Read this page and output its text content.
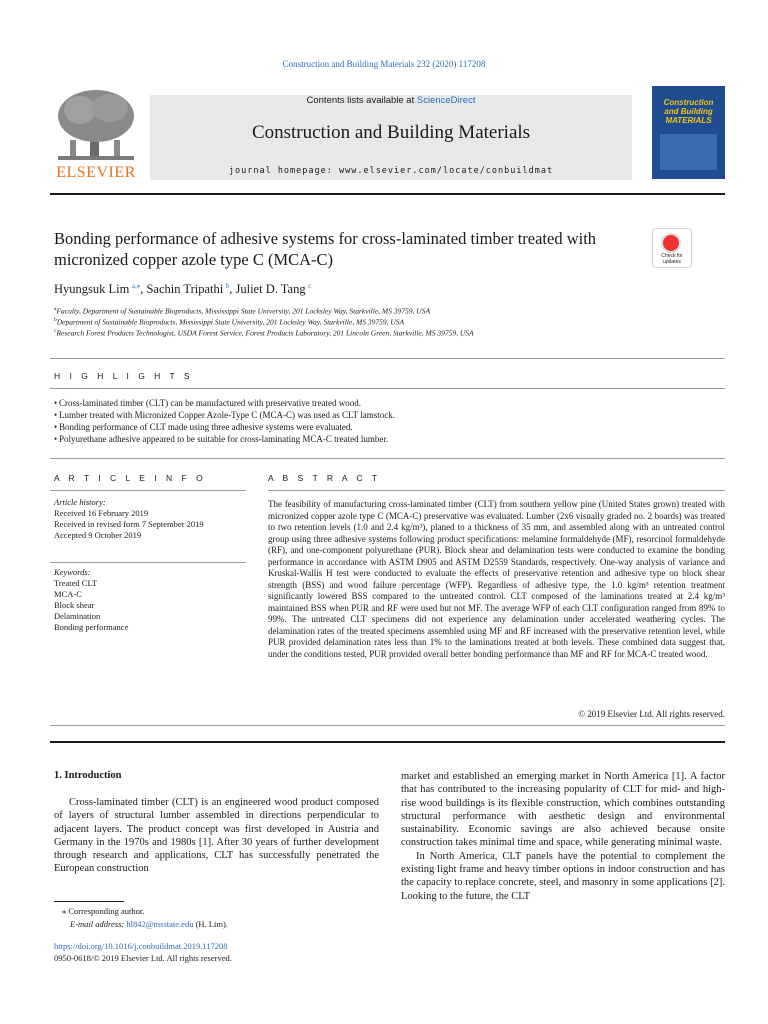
Construction and Building Materials 232 (2020) 117208
ELSEVIER
Contents lists available at ScienceDirect
Construction and Building Materials
journal homepage: www.elsevier.com/locate/conbuildmat
Construction
and Building
MATERIALS
Bonding performance of adhesive systems for cross-laminated timber treated with micronized copper azole type C (MCA-C)	Check for updates
Hyungsuk Lim  $^{a,⁎}$, Sachin Tripathi  $^b$, Juliet D. Tang  $^c$
$^a$Faculty, Department of Sustainable Bioproducts, Mississippi State University, 201 Locksley Way, Starkville, MS 39759, USA
$^b$Department of Sustainable Bioproducts, Mississippi State University, 201 Locksley Way, Starkville, MS 39759, USA
$^c$Research Forest Products Technologist, USDA Forest Service, Forest Products Laboratory, 201 Lincoln Green, Starkville, MS 39759, USA
H I G H L I G H T S
• Cross-laminated timber (CLT) can be manufactured with preservative treated wood.
• Lumber treated with Micronized Copper Azole-Type C (MCA-C) was used as CLT lamstock.
• Bonding performance of CLT made using three adhesive systems were evaluated.
• Polyurethane adhesive appeared to be suitable for cross-laminating MCA-C treated lumber.
A R T I C L E I N F O
Article history:
Received 16 February 2019
Received in revised form 7 September 2019
Accepted 9 October 2019
Keywords:
Treated CLT
MCA-C
Block shear
Delamination
Bonding performance
A B S T R A C T
The feasibility of manufacturing cross-laminated timber (CLT) from southern yellow pine (United States grown) treated with micronized copper azole type C (MCA-C) preservative was evaluated. Lumber (2x6 visually graded no. 2 boards) was treated to two retention levels (1.0 and 2.4 kg/m³), planed to a thickness of 35 mm, and assembled along with an untreated control group using three adhesive systems following product specifications: melamine formaldehyde (MF), resorcinol formaldehyde (RF), and one-component polyurethane (PUR). Block shear and delamination tests were conducted to examine the bonding performance in accordance with ASTM D905 and ASTM D2559 Standards, respectively. One-way analysis of variance and Kruskal-Wallis H test were conducted to evaluate the effects of preservative retention and adhesive type on block shear strength (BSS) and wood failure percentage (WFP). Regardless of adhesive type, the 1.0 kg/m³ retention treatment significantly lowered BSS compared to the untreated control. CLT composed of the laminations treated at 2.4 kg/m³ maintained BSS when PUR and RF were used but not MF. The average WFP of each CLT configuration ranged from 89% to 99%. The untreated CLT specimens did not experience any delamination under accelerated weathering cycles. The delamination rates of the treated specimens assembled using MF and RF increased with the preservative retention level, while PUR provided delamination rates less than 1% to the laminations treated at both levels. These combined data suggest that, under the conditions tested, PUR provided overall better bonding performance than MF and RF for MCA-C treated wood.
© 2019 Elsevier Ltd. All rights reserved.
1. Introduction

Cross-laminated timber (CLT) is an engineered wood product composed of layers of structural lumber assembled in directions perpendicular to adjacent layers. The product concept was first developed in Austria and Germany in the 1970s and 1980s [1]. After 30 years of further development through research and applications, CLT has successfully penetrated the European construction

market and established an emerging market in North America [1]. A factor that has contributed to the increasing popularity of CLT for mid- and high-rise wood buildings is its flexible construction, which combines outstanding structural performance with aesthetic design and environmental sustainability. Economic savings are also achieved because onsite construction takes minimal time and space, while generating minimal waste.

In North America, CLT panels have the potential to complement the existing light frame and heavy timber options in indoor construction and has the capacity to replace concrete, steel, and masonry in some applications [2]. Looking to the future, the CLT

⁎ Corresponding author.
E-mail address: hl842@msstate.edu (H. Lim).
https://doi.org/10.1016/j.conbuildmat.2019.117208
0950-0618/© 2019 Elsevier Ltd. All rights reserved.
